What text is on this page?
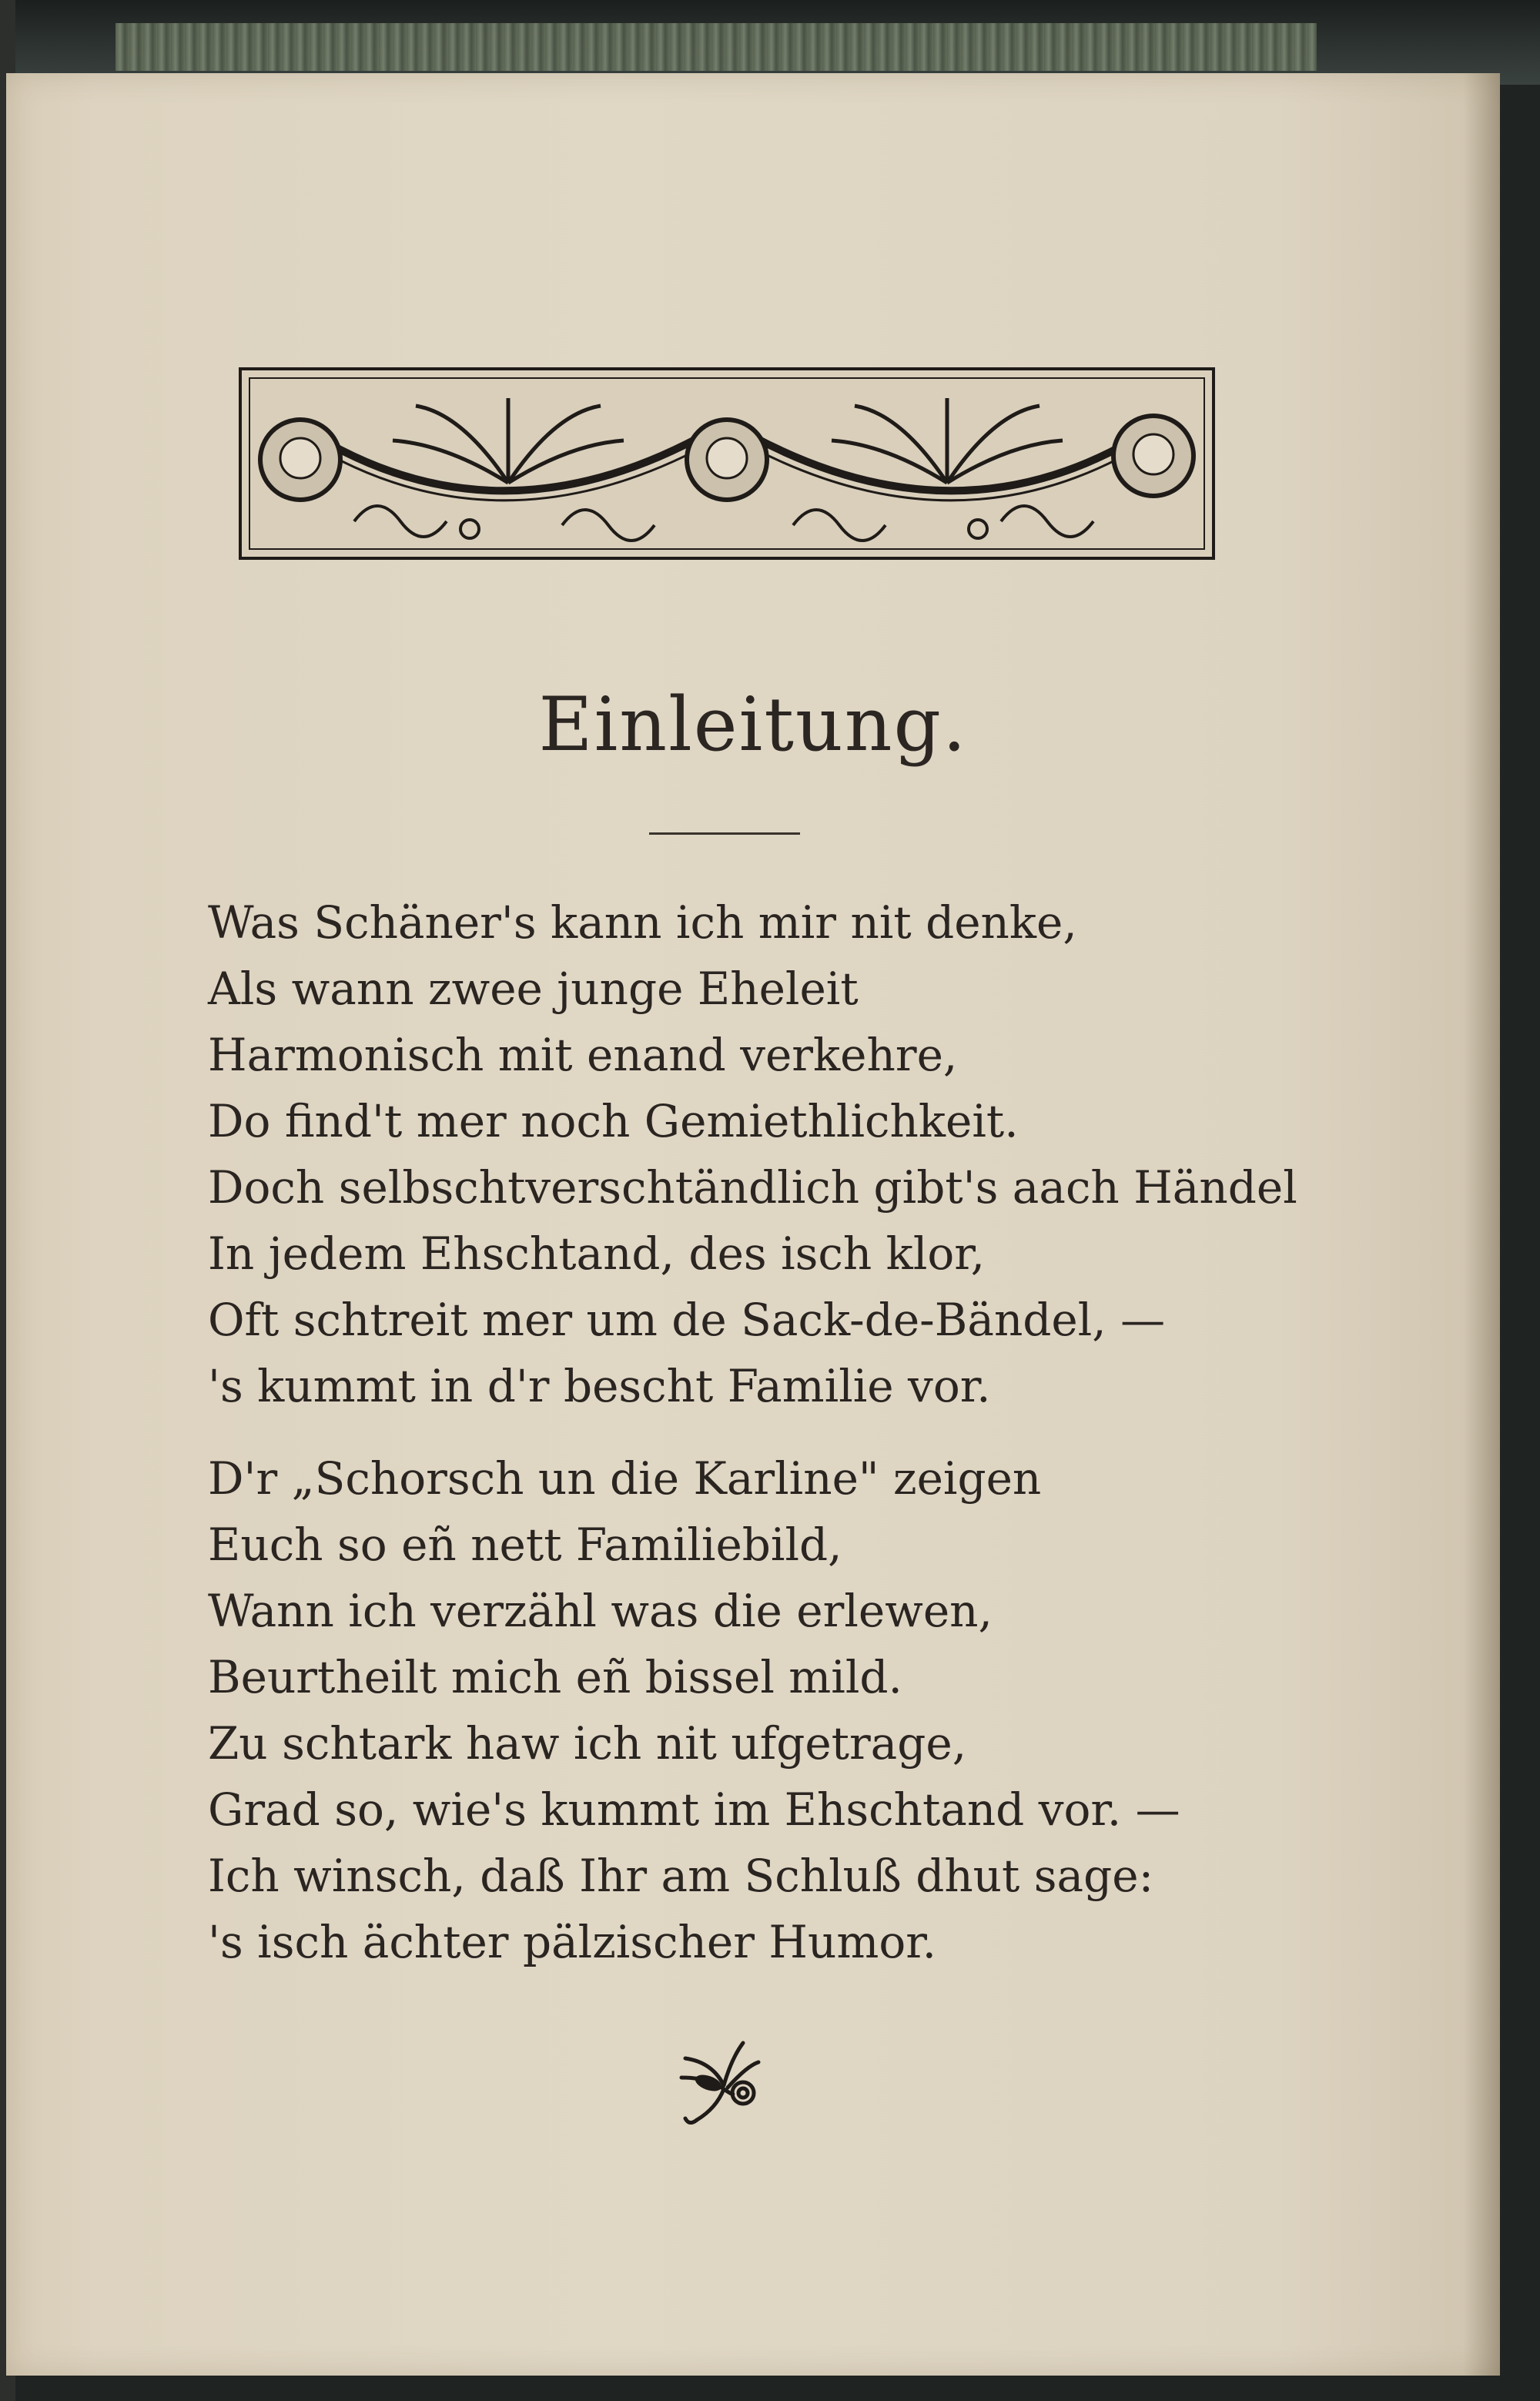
Einleitung.
Was Schäner's kann ich mir nit denke,
Als wann zwee junge Eheleit
Harmonisch mit enand verkehre,
Do find't mer noch Gemiethlichkeit.
Doch selbschtverschtändlich gibt's aach Händel
In jedem Ehschtand, des isch klor,
Oft schtreit mer um de Sack-de-Bändel, —
's kummt in d'r bescht Familie vor.
D'r „Schorsch un die Karline" zeigen
Euch so eñ nett Familiebild,
Wann ich verzähl was die erlewen,
Beurtheilt mich eñ bissel mild.
Zu schtark haw ich nit ufgetrage,
Grad so, wie's kummt im Ehschtand vor. —
Ich winsch, daß Ihr am Schluß dhut sage:
's isch ächter pälzischer Humor.
